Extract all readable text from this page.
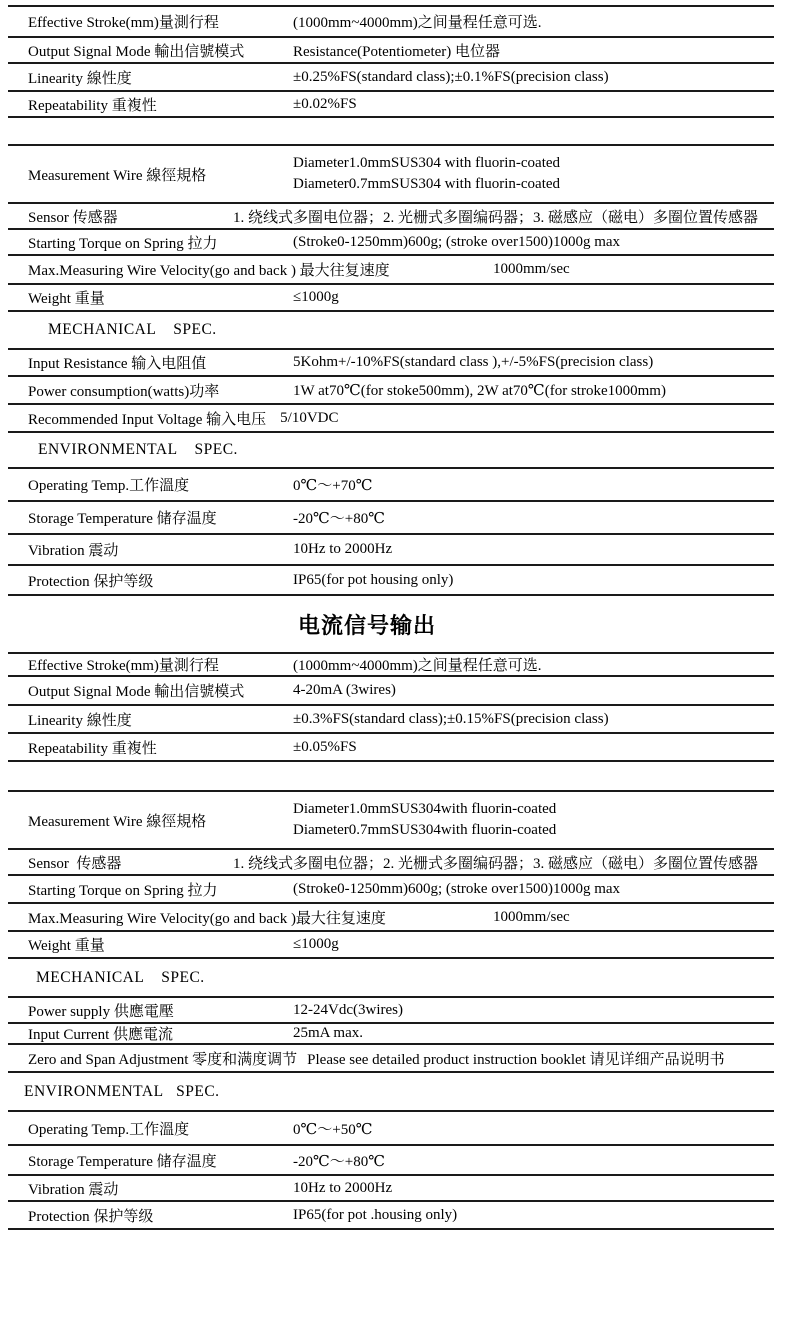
Effective Stroke(mm)量測行程	(1000mm~4000mm)之间量程任意可选.
Output Signal Mode 輸出信號模式	Resistance(Potentiometer) 电位器
Linearity 線性度	±0.25%FS(standard class);±0.1%FS(precision class)
Repeatability 重複性	±0.02%FS
Measurement Wire 線徑規格
Diameter1.0mmSUS304 with fluorin-coated
Diameter0.7mmSUS304 with fluorin-coated
Sensor 传感器	1. 绕线式多圈电位器；2. 光栅式多圈编码器；3. 磁感应（磁电）多圈位置传感器
Starting Torque on Spring 拉力	(Stroke0-1250mm)600g; (stroke over1500)1000g max
Max.Measuring Wire Velocity(go and back ) 最大往复速度	1000mm/sec
Weight 重量	≤1000g
MECHANICAL    SPEC.
Input Resistance 输入电阻值	5Kohm+/-10%FS(standard class ),+/-5%FS(precision class)
Power consumption(watts)功率	1W at70℃(for stoke500mm), 2W at70℃(for stroke1000mm)
Recommended Input Voltage 输入电压 5/10VDC
ENVIRONMENTAL    SPEC.
Operating Temp.工作溫度	0℃～+70℃
Storage Temperature 储存温度	-20℃～+80℃
Vibration 震动	10Hz to 2000Hz
Protection 保护等级	IP65(for pot housing only)
电流信号输出
Effective Stroke(mm)量測行程	(1000mm~4000mm)之间量程任意可选.
Output Signal Mode 輸出信號模式	4-20mA (3wires)
Linearity 線性度	±0.3%FS(standard class);±0.15%FS(precision class)
Repeatability 重複性	±0.05%FS
Measurement Wire 線徑規格
Diameter1.0mmSUS304with fluorin-coated
Diameter0.7mmSUS304with fluorin-coated
Sensor  传感器	1. 绕线式多圈电位器；2. 光栅式多圈编码器；3. 磁感应（磁电）多圈位置传感器
Starting Torque on Spring 拉力	(Stroke0-1250mm)600g; (stroke over1500)1000g max
Max.Measuring Wire Velocity(go and back )最大往复速度	1000mm/sec
Weight 重量	≤1000g
MECHANICAL    SPEC.
Power supply 供應電壓	12-24Vdc(3wires)
Input Current 供應電流	25mA max.
Zero and Span Adjustment 零度和满度调节 Please see detailed product instruction booklet 请见详细产品说明书
ENVIRONMENTAL   SPEC.
Operating Temp.工作溫度	0℃～+50℃
Storage Temperature 储存温度	-20℃～+80℃
Vibration 震动	10Hz to 2000Hz
Protection 保护等级	IP65(for pot .housing only)
